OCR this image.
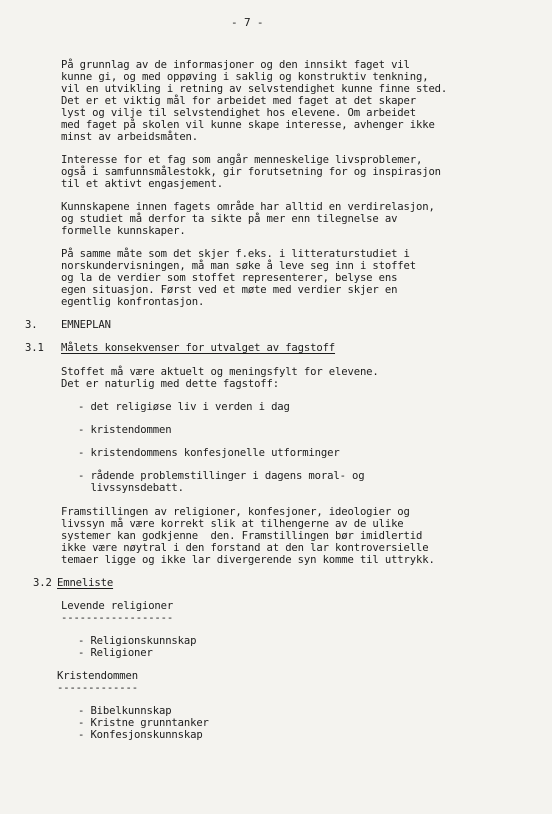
- 7 -
På grunnlag av de informasjoner og den innsikt faget vil
kunne gi, og med oppøving i saklig og konstruktiv tenkning,
vil en utvikling i retning av selvstendighet kunne finne sted.
Det er et viktig mål for arbeidet med faget at det skaper
lyst og vilje til selvstendighet hos elevene. Om arbeidet
med faget på skolen vil kunne skape interesse, avhenger ikke
minst av arbeidsmåten.
Interesse for et fag som angår menneskelige livsproblemer,
også i samfunnsmålestokk, gir forutsetning for og inspirasjon
til et aktivt engasjement.
Kunnskapene innen fagets område har alltid en verdirelasjon,
og studiet må derfor ta sikte på mer enn tilegnelse av
formelle kunnskaper.
På samme måte som det skjer f.eks. i litteraturstudiet i
norskundervisningen, må man søke å leve seg inn i stoffet
og la de verdier som stoffet representerer, belyse ens
egen situasjon. Først ved et møte med verdier skjer en
egentlig konfrontasjon.
3. EMNEPLAN
3.1 Målets konsekvenser for utvalget av fagstoff
Stoffet må være aktuelt og meningsfylt for elevene.
Det er naturlig med dette fagstoff:
- det religiøse liv i verden i dag
- kristendommen
- kristendommens konfesjonelle utforminger
- rådende problemstillinger i dagens moral- og
livssynsdebatt.
Framstillingen av religioner, konfesjoner, ideologier og
livssyn må være korrekt slik at tilhengerne av de ulike
systemer kan godkjenne  den. Framstillingen bør imidlertid
ikke være nøytral i den forstand at den lar kontroversielle
temaer ligge og ikke lar divergerende syn komme til uttrykk.
3.2 Emneliste
Levende religioner
------------------
- Religionskunnskap
- Religioner
Kristendommen
-------------
- Bibelkunnskap
- Kristne grunntanker
- Konfesjonskunnskap
